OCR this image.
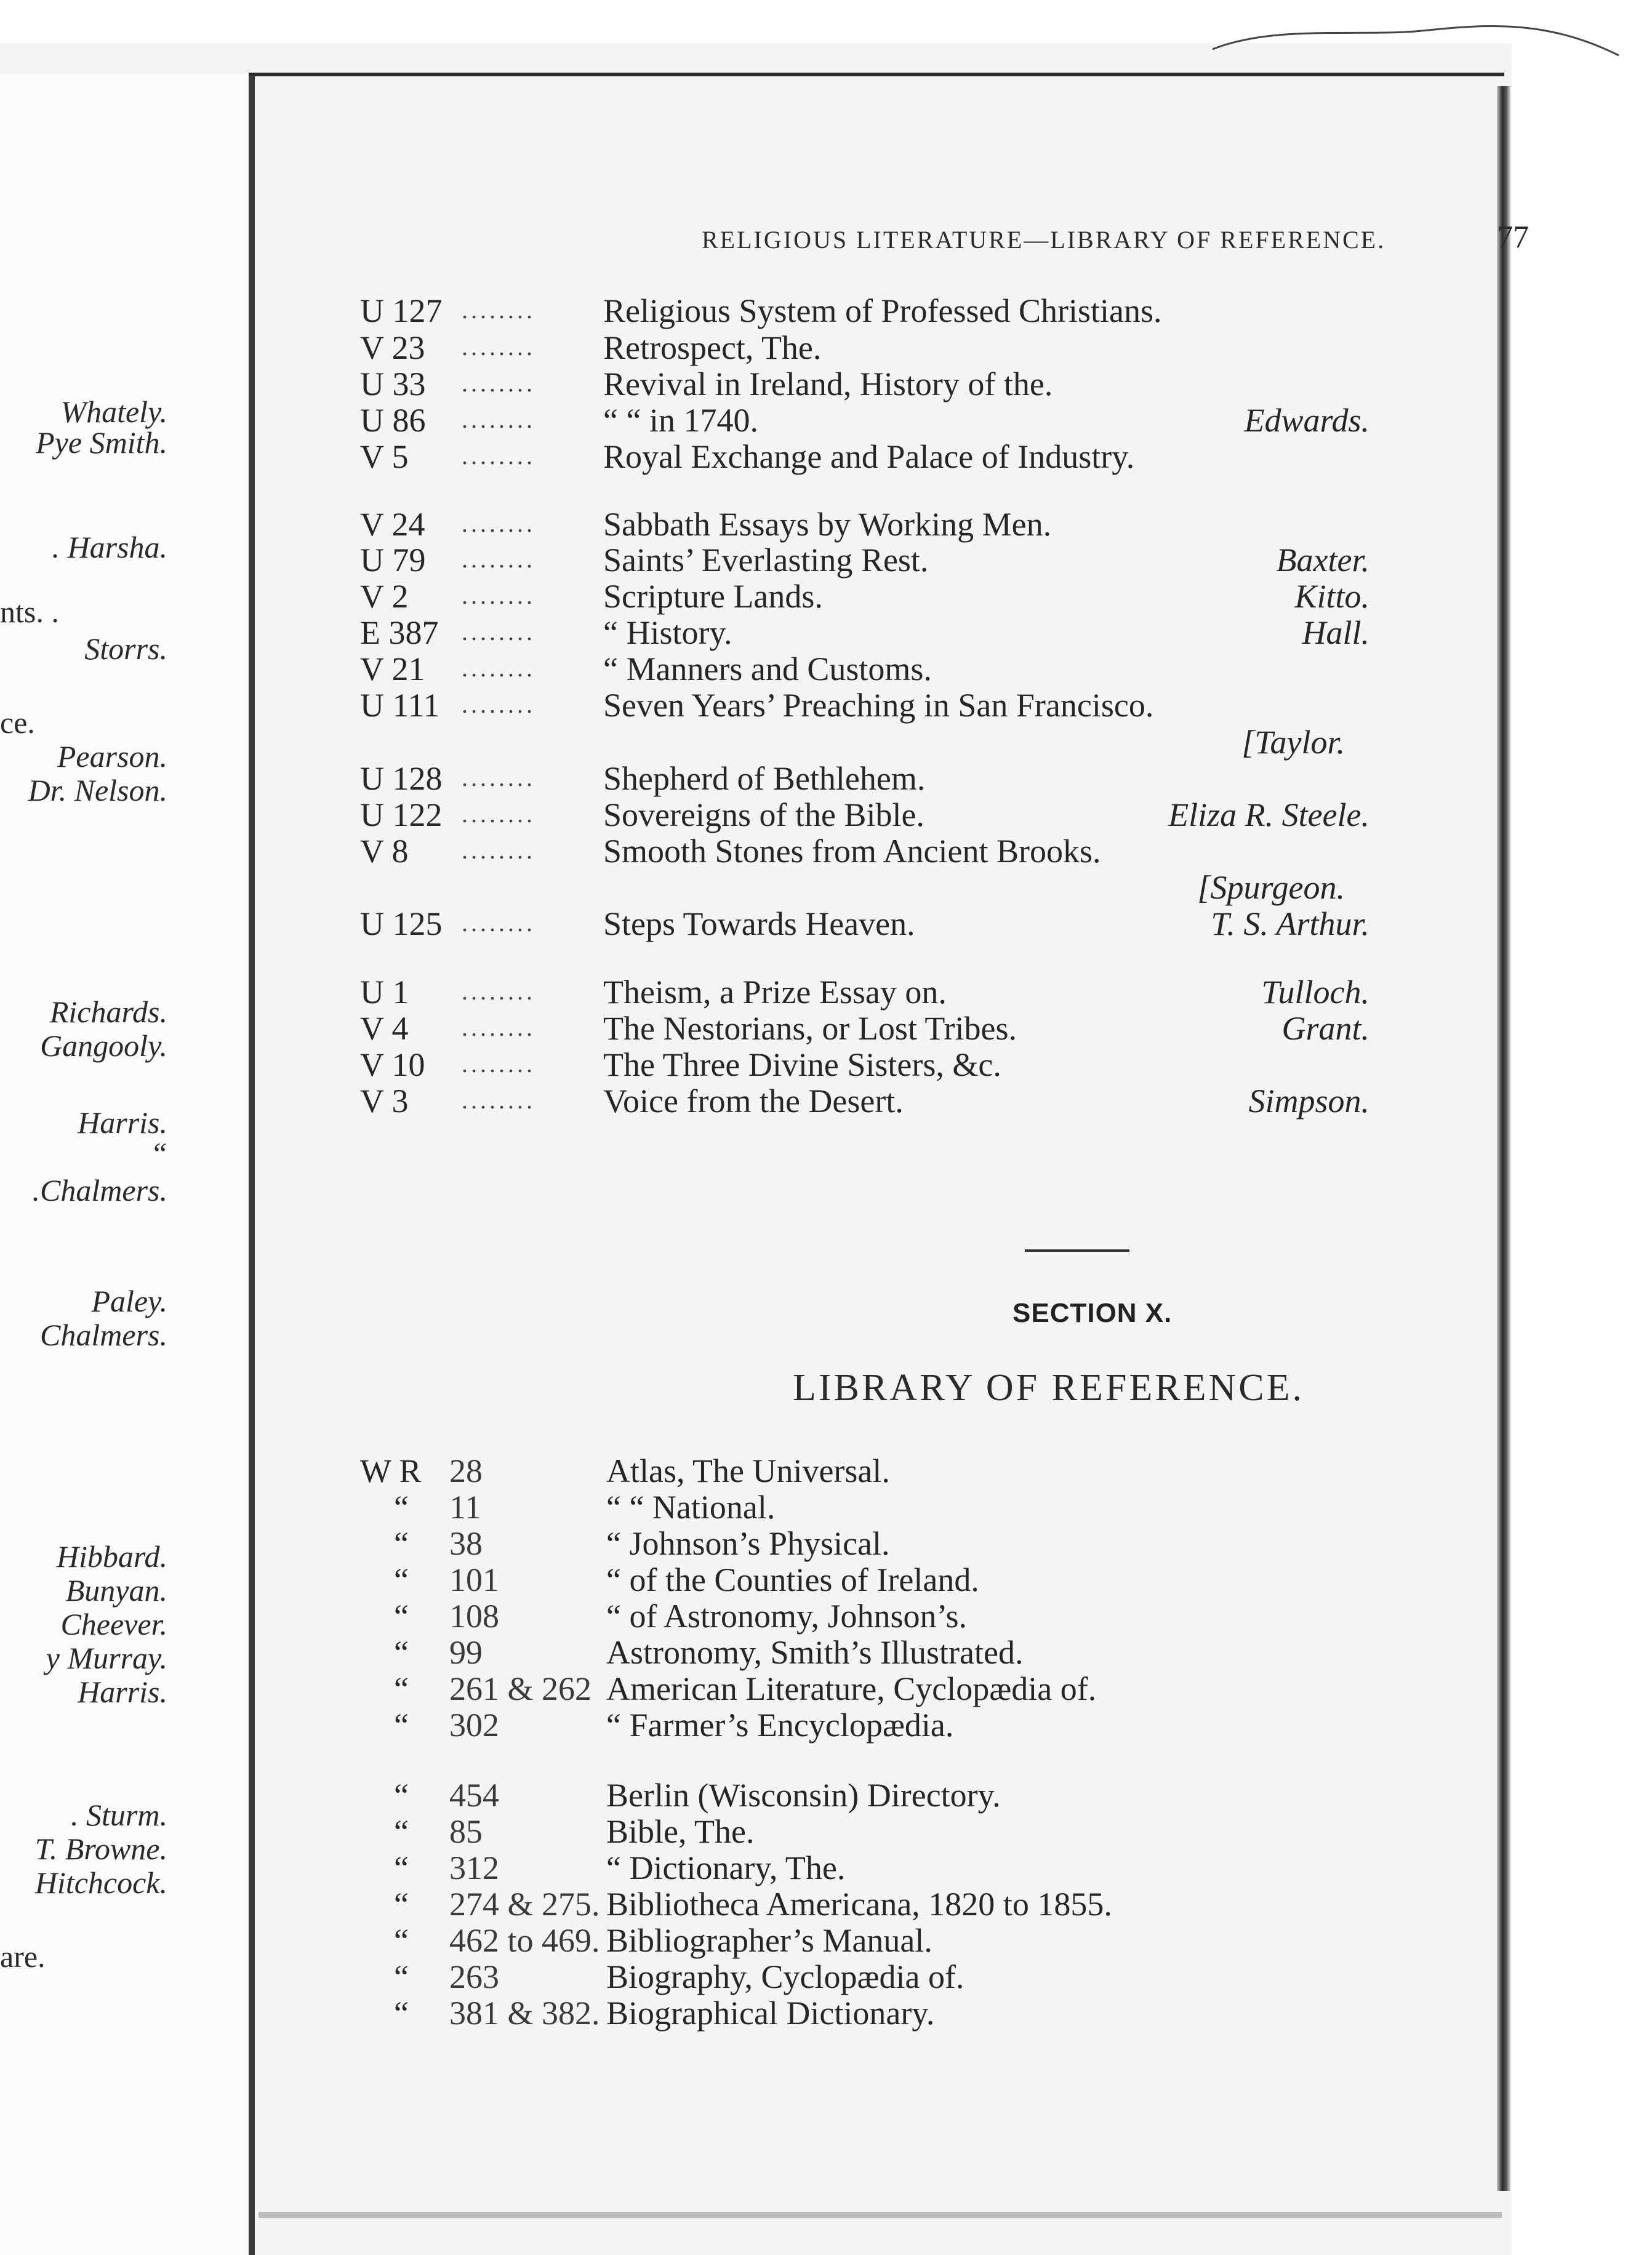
Whately.
Pye Smith.
. Harsha.
nts. .
Storrs.
ce.
Pearson.
Dr. Nelson.
Richards.
Gangooly.
Harris.
“
.Chalmers.
Paley.
Chalmers.
Hibbard.
Bunyan.
Cheever.
y Murray.
Harris.
. Sturm.
T. Browne.
Hitchcock.
are.
RELIGIOUS LITERATURE—LIBRARY OF REFERENCE.	77
U 127 ........ Religious System of Professed Christians.
V 23 ........ Retrospect, The.
U 33 ........ Revival in Ireland, History of the.
U 86 ........ “ “ in 1740.	Edwards.
V 5 ........ Royal Exchange and Palace of Industry.
V 24 ........ Sabbath Essays by Working Men.
U 79 ........ Saints’ Everlasting Rest.	Baxter.
V 2 ........ Scripture Lands.	Kitto.
E 387 ........ “ History.	Hall.
V 21 ........ “ Manners and Customs.
U 111 ........ Seven Years’ Preaching in San Francisco.
[Taylor.
U 128 ........ Shepherd of Bethlehem.
U 122 ........ Sovereigns of the Bible.	Eliza R. Steele.
V 8 ........ Smooth Stones from Ancient Brooks.
[Spurgeon.
U 125 ........ Steps Towards Heaven.	T. S. Arthur.
U 1 ........ Theism, a Prize Essay on.	Tulloch.
V 4 ........ The Nestorians, or Lost Tribes.	Grant.
V 10 ........ The Three Divine Sisters, &c.
V 3 ........ Voice from the Desert.	Simpson.
SECTION X.
LIBRARY OF REFERENCE.
W R 28	Atlas, The Universal.
“ 11	“ “ National.
“ 38	“ Johnson’s Physical.
“ 101	“ of the Counties of Ireland.
“ 108	“ of Astronomy, Johnson’s.
“ 99	Astronomy, Smith’s Illustrated.
“ 261 & 262 American Literature, Cyclopædia of.
“ 302	“ Farmer’s Encyclopædia.
“ 454	Berlin (Wisconsin) Directory.
“ 85	Bible, The.
“ 312	“ Dictionary, The.
“ 274 & 275. Bibliotheca Americana, 1820 to 1855.
“ 462 to 469. Bibliographer’s Manual.
“ 263	Biography, Cyclopædia of.
“ 381 & 382. Biographical Dictionary.
